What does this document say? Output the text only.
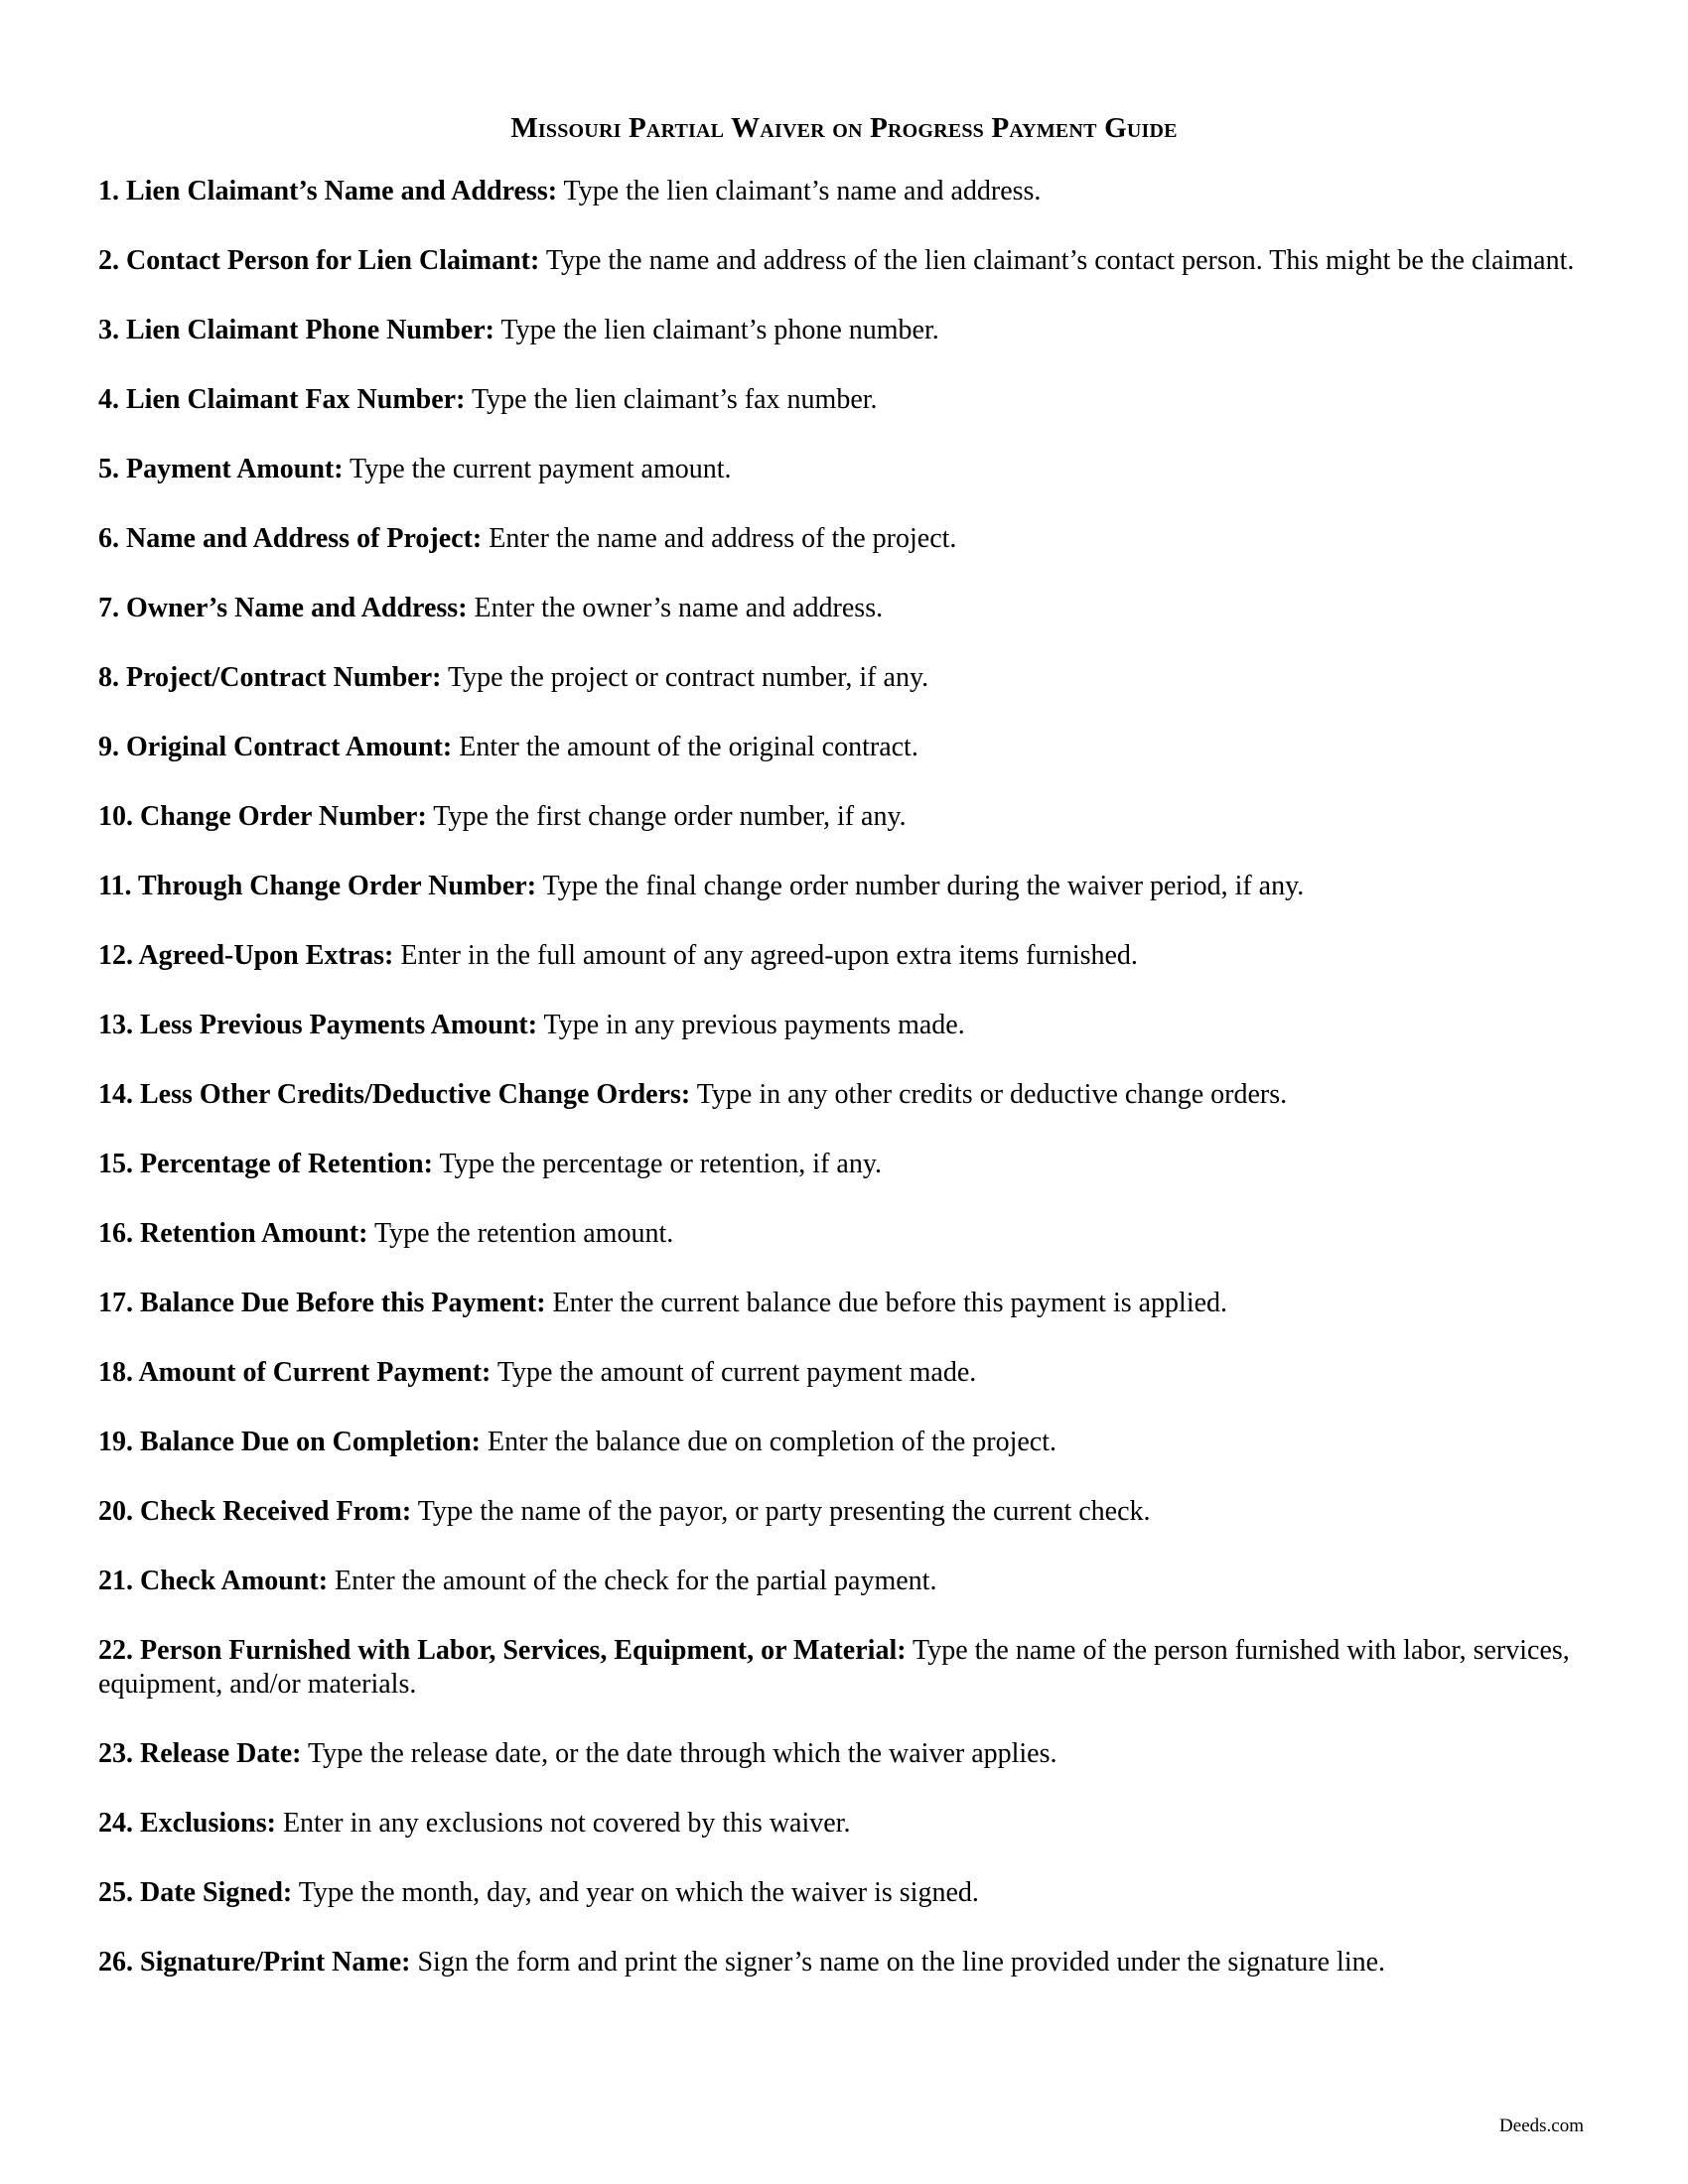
Missouri Partial Waiver on Progress Payment Guide
1. Lien Claimant’s Name and Address: Type the lien claimant’s name and address.
2. Contact Person for Lien Claimant: Type the name and address of the lien claimant’s contact person. This might be the claimant.
3. Lien Claimant Phone Number: Type the lien claimant’s phone number.
4. Lien Claimant Fax Number: Type the lien claimant’s fax number.
5. Payment Amount: Type the current payment amount.
6. Name and Address of Project: Enter the name and address of the project.
7. Owner’s Name and Address: Enter the owner’s name and address.
8. Project/Contract Number: Type the project or contract number, if any.
9. Original Contract Amount: Enter the amount of the original contract.
10. Change Order Number: Type the first change order number, if any.
11. Through Change Order Number: Type the final change order number during the waiver period, if any.
12. Agreed-Upon Extras: Enter in the full amount of any agreed-upon extra items furnished.
13. Less Previous Payments Amount: Type in any previous payments made.
14. Less Other Credits/Deductive Change Orders: Type in any other credits or deductive change orders.
15. Percentage of Retention: Type the percentage or retention, if any.
16. Retention Amount: Type the retention amount.
17. Balance Due Before this Payment: Enter the current balance due before this payment is applied.
18. Amount of Current Payment: Type the amount of current payment made.
19. Balance Due on Completion: Enter the balance due on completion of the project.
20. Check Received From: Type the name of the payor, or party presenting the current check.
21. Check Amount: Enter the amount of the check for the partial payment.
22. Person Furnished with Labor, Services, Equipment, or Material: Type the name of the person furnished with labor, services, equipment, and/or materials.
23. Release Date: Type the release date, or the date through which the waiver applies.
24. Exclusions: Enter in any exclusions not covered by this waiver.
25. Date Signed: Type the month, day, and year on which the waiver is signed.
26. Signature/Print Name: Sign the form and print the signer’s name on the line provided under the signature line.
Deeds.com
